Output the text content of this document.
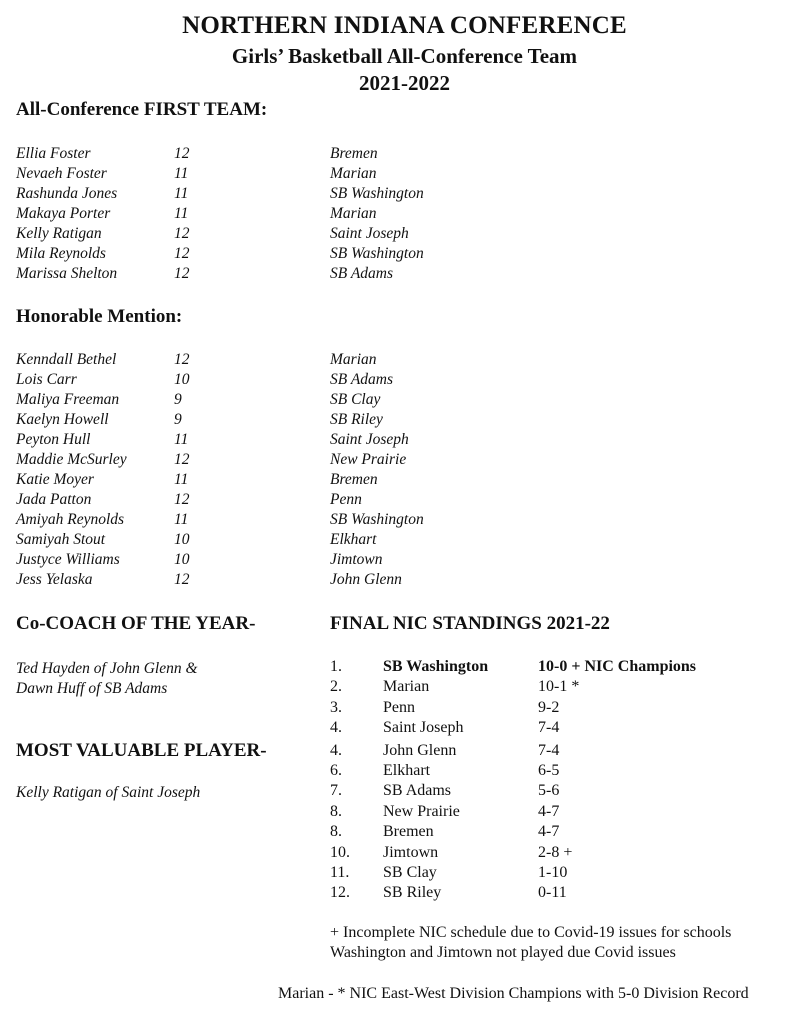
NORTHERN INDIANA CONFERENCE
Girls’ Basketball All-Conference Team
2021-2022
All-Conference FIRST TEAM:
Ellia Foster	12	Bremen
Nevaeh Foster	11	Marian
Rashunda Jones	11	SB Washington
Makaya Porter	11	Marian
Kelly Ratigan	12	Saint Joseph
Mila Reynolds	12	SB Washington
Marissa Shelton	12	SB Adams
Honorable Mention:
Kenndall Bethel	12	Marian
Lois Carr	10	SB Adams
Maliya Freeman	9	SB Clay
Kaelyn Howell	9	SB Riley
Peyton Hull	11	Saint Joseph
Maddie McSurley	12	New Prairie
Katie Moyer	11	Bremen
Jada Patton	12	Penn
Amiyah Reynolds	11	SB Washington
Samiyah Stout	10	Elkhart
Justyce Williams	10	Jimtown
Jess Yelaska	12	John Glenn
Co-COACH OF THE YEAR-
Ted Hayden of John Glenn &
Dawn Huff of SB Adams
MOST VALUABLE PLAYER-
Kelly Ratigan of Saint Joseph
FINAL NIC STANDINGS 2021-22
1.	SB Washington	10-0 + NIC Champions
2.	Marian	10-1 *
3.	Penn	9-2
4.	Saint Joseph	7-4
4.	John Glenn	7-4
6.	Elkhart	6-5
7.	SB Adams	5-6
8.	New Prairie	4-7
8.	Bremen	4-7
10. Jimtown	2-8 +
11. SB Clay	1-10
12. SB Riley	0-11
+ Incomplete NIC schedule due to Covid-19 issues for schools
Washington and Jimtown not played due Covid issues
Marian - * NIC East-West Division Champions with 5-0 Division Record
